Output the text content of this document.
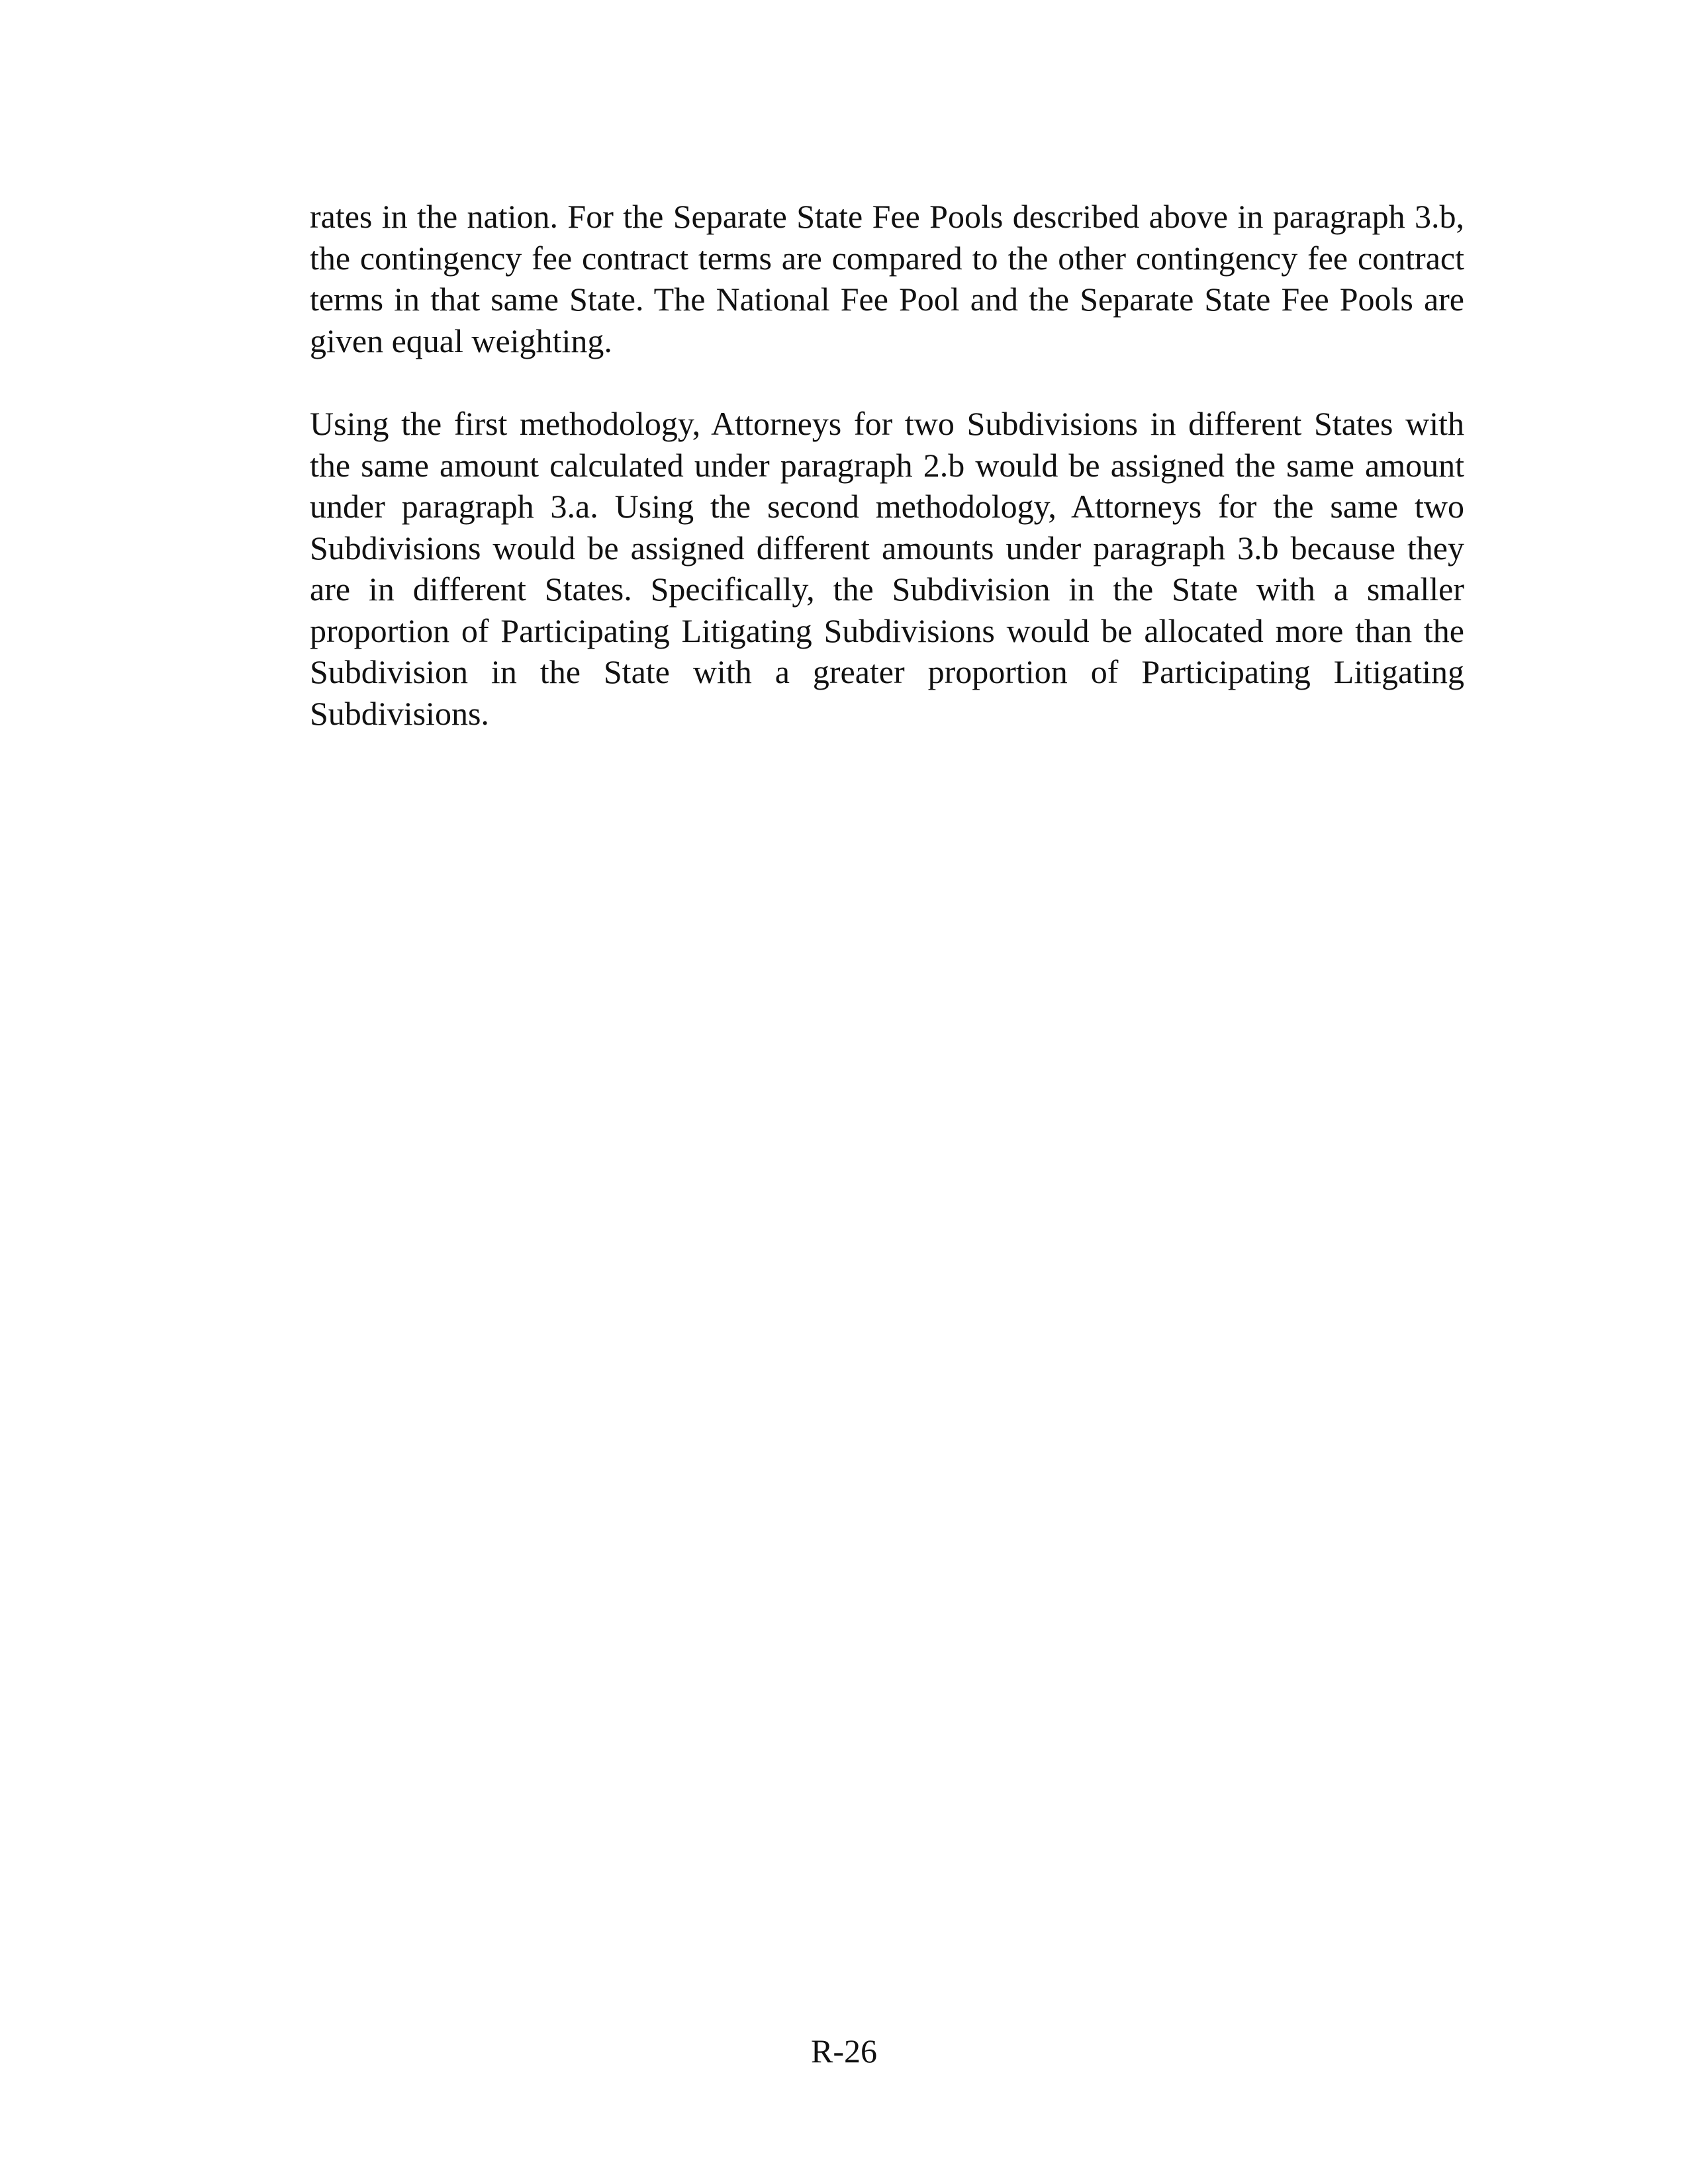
rates in the nation. For the Separate State Fee Pools described above in paragraph 3.b, the contingency fee contract terms are compared to the other contingency fee contract terms in that same State. The National Fee Pool and the Separate State Fee Pools are given equal weighting.

Using the first methodology, Attorneys for two Subdivisions in different States with the same amount calculated under paragraph 2.b would be assigned the same amount under paragraph 3.a. Using the second methodology, Attorneys for the same two Subdivisions would be assigned different amounts under paragraph 3.b because they are in different States. Specifically, the Subdivision in the State with a smaller proportion of Participating Litigating Subdivisions would be allocated more than the Subdivision in the State with a greater proportion of Participating Litigating Subdivisions.

R-26
